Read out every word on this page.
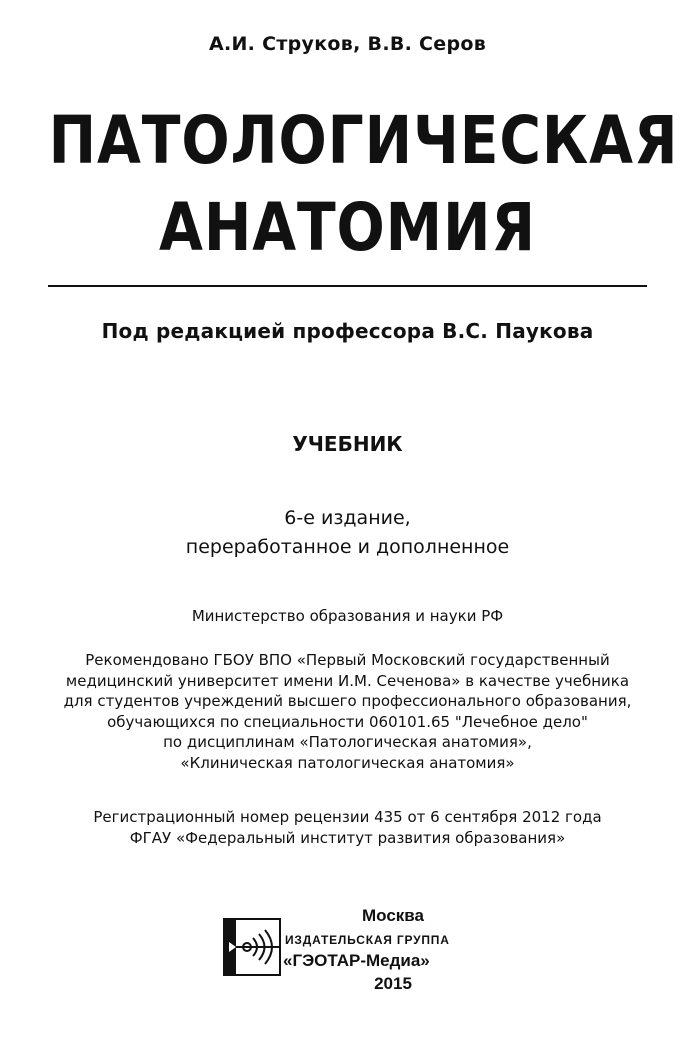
А.И. Струков, В.В. Серов
ПАТОЛОГИЧЕСКАЯ
АНАТОМИЯ
Под редакцией профессора В.С. Паукова
УЧЕБНИК
6-е издание,
переработанное и дополненное
Министерство образования и науки РФ
Рекомендовано ГБОУ ВПО «Первый Московский государственный
медицинский университет имени И.М. Сеченова» в качестве учебника
для студентов учреждений высшего профессионального образования,
обучающихся по специальности 060101.65 "Лечебное дело"
по дисциплинам «Патологическая анатомия»,
«Клиническая патологическая анатомия»
Регистрационный номер рецензии 435 от 6 сентября 2012 года
ФГАУ «Федеральный институт развития образования»
Москва
ИЗДАТЕЛЬСКАЯ ГРУППА
«ГЭОТАР-Медиа»
2015
